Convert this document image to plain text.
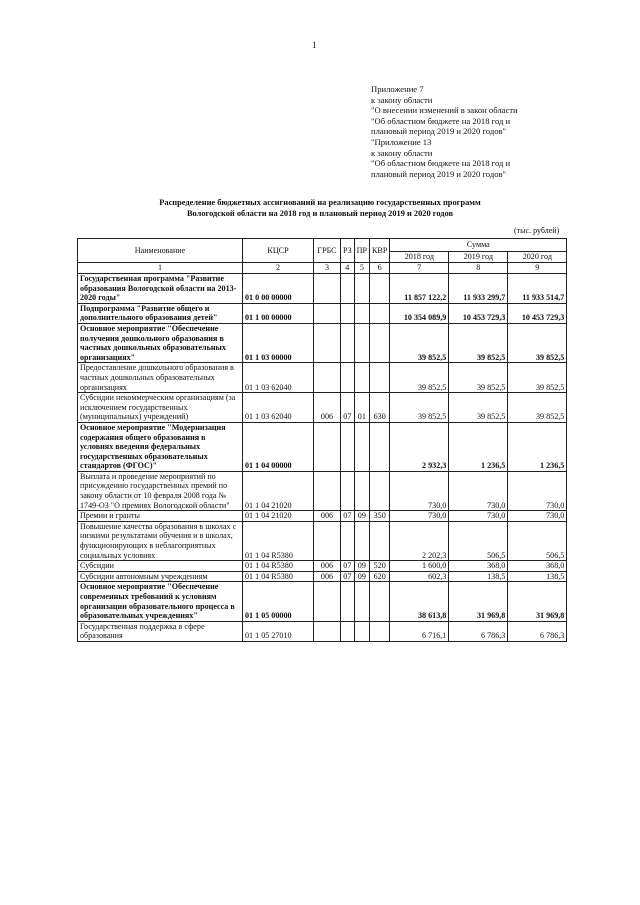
1
Приложение 7
к закону области
"О внесении изменений в закон области
"Об областном бюджете на 2018 год и
плановый период 2019 и 2020 годов"
"Приложение 13
к закону области
"Об областном бюджете на 2018 год и
плановый период 2019 и 2020 годов"
Распределение бюджетных ассигнований на реализацию государственных программ
Вологодской области на 2018 год и плановый период 2019 и 2020 годов
(тыс. рублей)
Наименование	КЦСР	ГРБС	РЗ	ПР	КВР	Сумма		
						2018 год	2019 год	2020 год
1	2	3	4	5	6	7	8	9
Государственная программа "Развитие образования Вологодской области на 2013-2020 годы"	01 0 00 00000					11 857 122,2	11 933 299,7	11 933 514,7
Подпрограмма "Развитие общего и дополнительного образования детей"	01 1 00 00000					10 354 089,9	10 453 729,3	10 453 729,3
Основное мероприятие "Обеспечение получения дошкольного образования в частных дошкольных образовательных организациях"	01 1 03 00000					39 852,5	39 852,5	39 852,5
Предоставление дошкольного образования в частных дошкольных образовательных организациях	01 1 03 62040					39 852,5	39 852,5	39 852,5
Субсидии некоммерческим организациям (за исключением государственных (муниципальных) учреждений)	01 1 03 62040	006	07	01	630	39 852,5	39 852,5	39 852,5
Основное мероприятие "Модернизация содержания общего образования в условиях введения федеральных государственных образовательных стандартов (ФГОС)"	01 1 04 00000					2 932,3	1 236,5	1 236,5
Выплата и проведение мероприятий по присуждению государственных премий по закону области от 10 февраля 2008 года № 1749-ОЗ "О премиях Вологодской области"	01 1 04 21020					730,0	730,0	730,0
Премии и гранты	01 1 04 21020	006	07	09	350	730,0	730,0	730,0
Повышение качества образования в школах с низкими результатами обучения и в школах, функционирующих в неблагоприятных социальных условиях	01 1 04 R5380					2 202,3	506,5	506,5
Субсидии	01 1 04 R5380	006	07	09	520	1 600,0	368,0	368,0
Субсидии автономным учреждениям	01 1 04 R5380	006	07	09	620	602,3	138,5	138,5
Основное мероприятие "Обеспечение современных требований к условиям организации образовательного процесса в образовательных учреждениях"	01 1 05 00000					38 613,8	31 969,8	31 969,8
Государственная поддержка в сфере образования	01 1 05 27010					6 716,1	6 786,3	6 786,3
